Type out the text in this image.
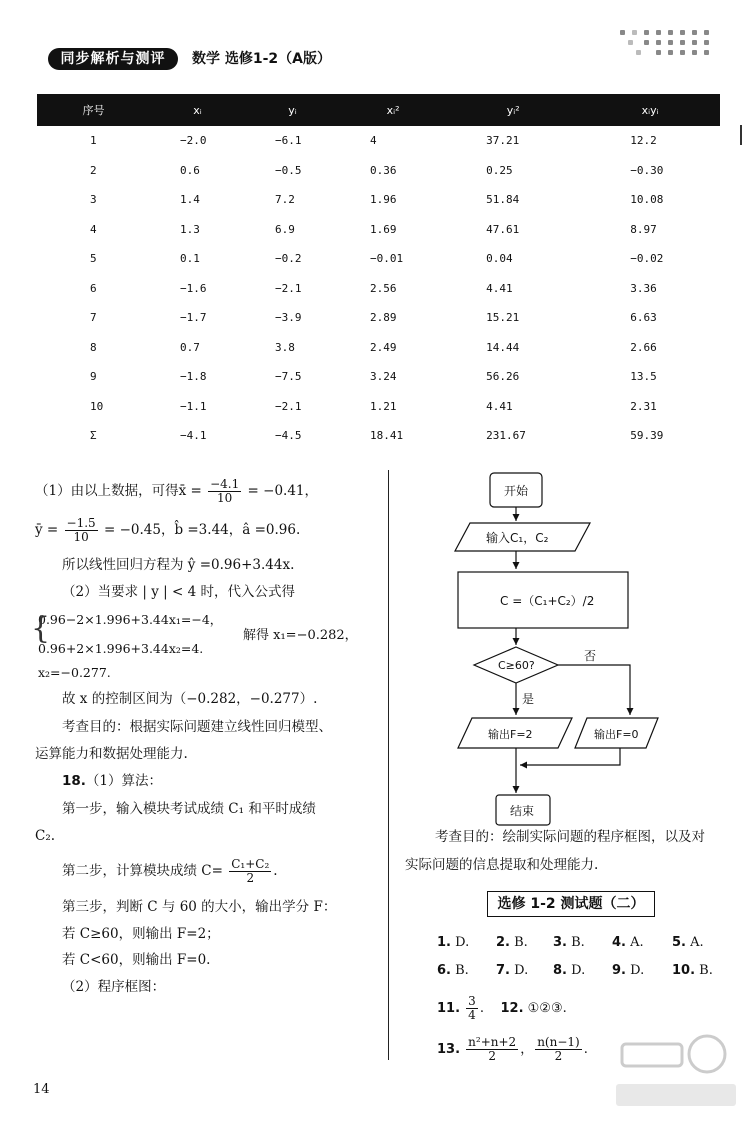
同步解析与测评	数学 选修1-2（A版）
序号	xᵢ	yᵢ	xᵢ²	yᵢ²	xᵢyᵢ
1	−2.0	−6.1	4	37.21	12.2
2	0.6	−0.5	0.36	0.25	−0.30
3	1.4	7.2	1.96	51.84	10.08
4	1.3	6.9	1.69	47.61	8.97
5	0.1	−0.2	−0.01	0.04	−0.02
6	−1.6	−2.1	2.56	4.41	3.36
7	−1.7	−3.9	2.89	15.21	6.63
8	0.7	3.8	2.49	14.44	2.66
9	−1.8	−7.5	3.24	56.26	13.5
10	−1.1	−2.1	1.21	4.41	2.31
Σ	−4.1	−4.5	18.41	231.67	59.39
（1）由以上数据，可得x̄ = $\frac{-4.1}{10} = -0.41$，
ȳ = $\frac{-1.5}{10} = -0.45$，b̂ =3.44，â =0.96.
所以线性回归方程为 ŷ =0.96+3.44x.
（2）当要求 | y | < 4 时，代入公式得
0.96−2×1.996+3.44x₁=−4，
{
0.96+2×1.996+3.44x₂=4.
解得 x₁=−0.282，
x₂=−0.277.
故 x 的控制区间为（−0.282，−0.277）.
考查目的：根据实际问题建立线性回归模型、
运算能力和数据处理能力.
18.（1）算法：
第一步，输入模块考试成绩 C₁ 和平时成绩
C₂.
第二步，计算模块成绩 $C= \frac{\text{C₁+C₂}}{2}$ .
第三步，判断 C 与 60 的大小，输出学分 F：
若 C≥60，则输出 F=2；
若 C<60，则输出 F=0.
（2）程序框图：
开始
输入C₁，C₂
C =（C₁+C₂）/2
C≥60?
否
是
输出F=2	输出F=0
结束
考查目的：绘制实际问题的程序框图，以及对
实际问题的信息提取和处理能力.
选修 1-2 测试题（二）
1. D. 2. B. 3. B. 4. A. 5. A.
6. B. 7. D. 8. D. 9. D. 10. B.
11. $\frac{3}{4}$ . 12. ①②③.
13. $\frac{\text{n²+n+2}}{2}$ ， $\frac{n(n-1)}{2}$ .
14
